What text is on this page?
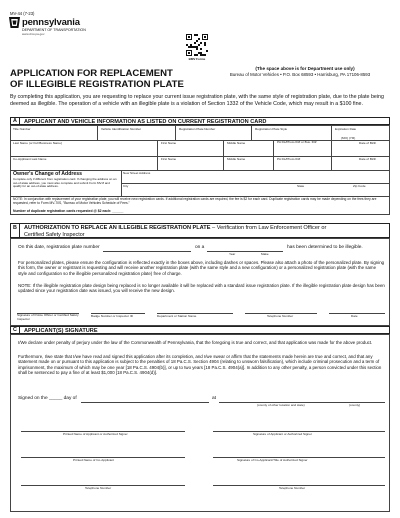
MV-44 (7-23)
pennsylvania
DEPARTMENT OF TRANSPORTATION
www.dmv.pa.gov
BMV Forms
APPLICATION FOR REPLACEMENT
OF ILLEGIBLE REGISTRATION PLATE
(The space above is for Department use only)
Bureau of Motor Vehicles • P.O. Box 68593 • Harrisburg, PA 17106-8593
By completing this application, you are requesting to replace your current issue registration plate, with the same style of registration plate, due to the plate being deemed as illegible. The operation of a vehicle with an illegible plate is a violation of Section 1332 of the Vehicle Code, which may result in a $100 fine.
A	APPLICANT AND VEHICLE INFORMATION AS LISTED ON CURRENT REGISTRATION CARD
Title Number	Vehicle Identification Number	Registration Plate Number	Registration Plate Style	Expiration Date
(MO) (YR)
Last Name (or Full Business Name)	First Name	Middle Name	PA DL/Photo ID# or Bus. ID#	Date of Birth
Co-Applicant Last Name	First Name	Middle Name	PA DL/Photo ID#	Date of Birth
Owner's Change of Address
Complete only if different from registration card. If changing the address on an out-of-state address, you must also complete and submit Form MV-8 and qualify for an out-of-state address.
New Street Address
City	State	Zip Code
NOTE: In conjunction with replacement of your registration plate, you will receive new registration cards. If additional registration cards are required, the fee is $2 for each card. Duplicate registration cards may be made depending on the fees they are requested, refer to Form MV-70S, "Bureau of Motor Vehicles Schedule of Fees."
Number of duplicate registration cards requested @ $2 each: ______
B	AUTHORIZATION TO REPLACE AN ILLEGIBLE REGISTRATION PLATE – Verification from Law Enforcement Officer or
Certified Safety Inspector
On this date, registration plate number	on a
Year	Make
has been determined to be illegible.
For personalized plates, please ensure the configuration is reflected exactly in the boxes above, including dashes or spaces. Please also attach a photo of the personalized plate. By signing this form, the owner or registrant is requesting and will receive another registration plate (with the same style and a new configuration) or a personalized registration plate (with the same style and configuration so the illegible personalized registration plate) free of charge.
NOTE: If the illegible registration plate design being replaced is no longer available it will be replaced with a standard issue registration plate. If the illegible registration plate design has been updated since your registration date was issued, you will receive the new design.
Signature of Police Officer or Certified Safety Inspector
Badge Number or Inspector ID	Department or Station Name	Telephone Number	Date
C	APPLICANT(S) SIGNATURE
I/We declare under penalty of perjury under the law of the Commonwealth of Pennsylvania, that the foregoing is true and correct, and that application was made for the above product.
Furthermore, I/we state that I/we have read and signed this application after its completion, and I/we swear or affirm that the statements made herein are true and correct, and that any statement made on or pursuant to this application is subject to the penalties of 18 Pa.C.S. Section 4904 (relating to unsworn falsification), which include criminal prosecution and a term of imprisonment, the maximum of which may be one year [18 Pa.C.S. 4904(b)], or up to two years [18 Pa.C.S. 4904(a)]. In addition to any other penalty, a person convicted under this section shall be sentenced to pay a fine of at least $1,000 [18 Pa.C.S. 4904(d)].
Signed on the _____ day of	at
(county of other location and state)	(county)
Printed Name of Applicant or Authorized Signer	Signature of Applicant or Authorized Signer
Printed Name of Co-Applicant	Signature of Co-Applicant/Title of Authorized Signer
Telephone Number	Telephone Number
